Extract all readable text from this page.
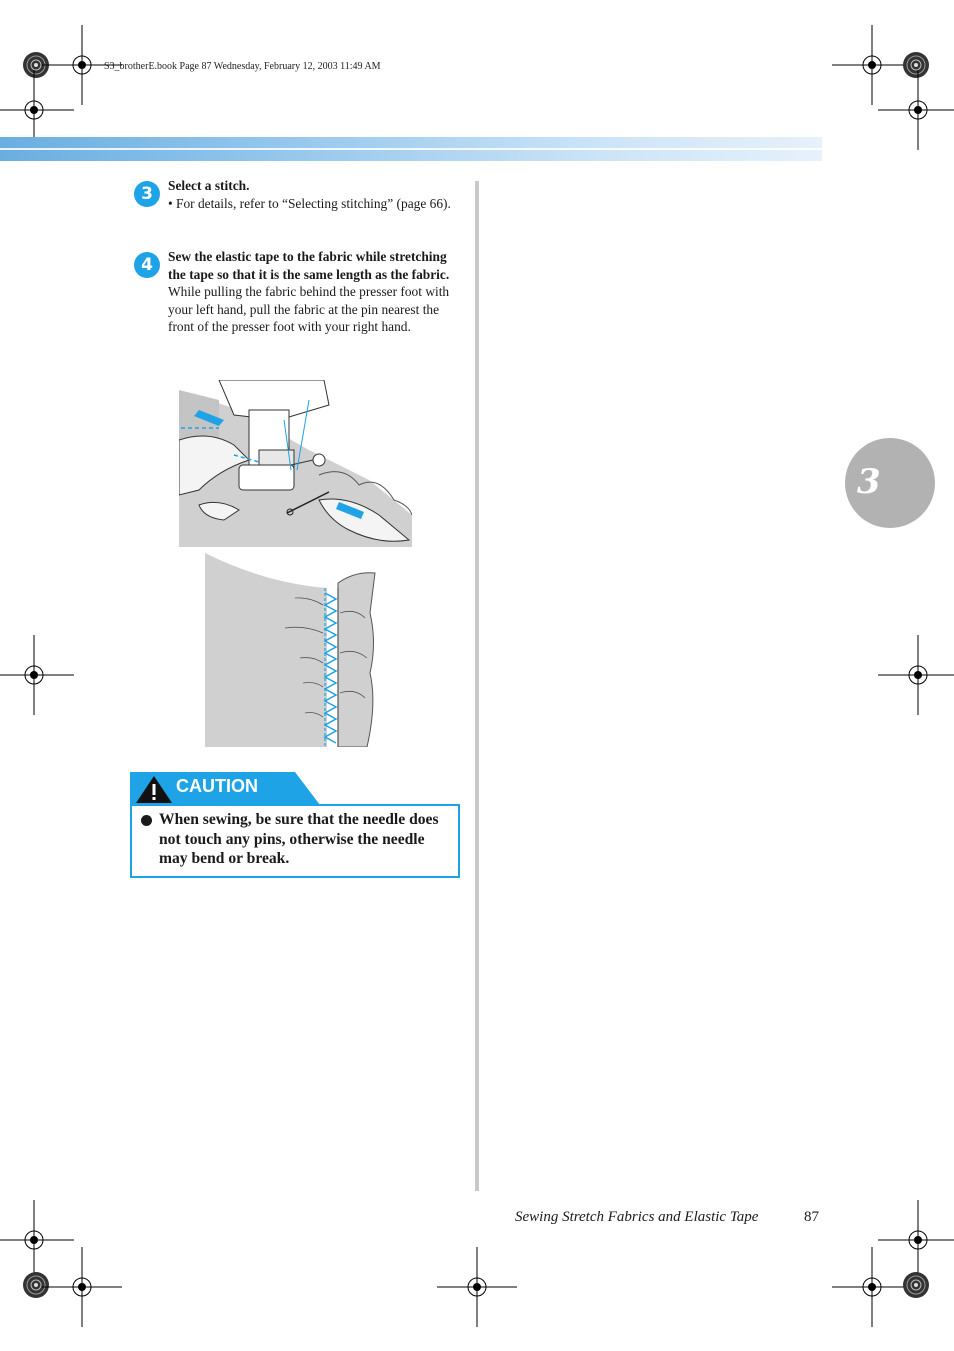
S3_brotherE.book Page 87 Wednesday, February 12, 2003 11:49 AM
3
3	Select a stitch.
• For details, refer to “Selecting stitching” (page 66).
4	Sew the elastic tape to the fabric while stretching the tape so that it is the same length as the fabric.
While pulling the fabric behind the presser foot with your left hand, pull the fabric at the pin nearest the front of the presser foot with your right hand.
CAUTION
When sewing, be sure that the needle does not touch any pins, otherwise the needle may bend or break.
Sewing Stretch Fabrics and Elastic Tape	87
